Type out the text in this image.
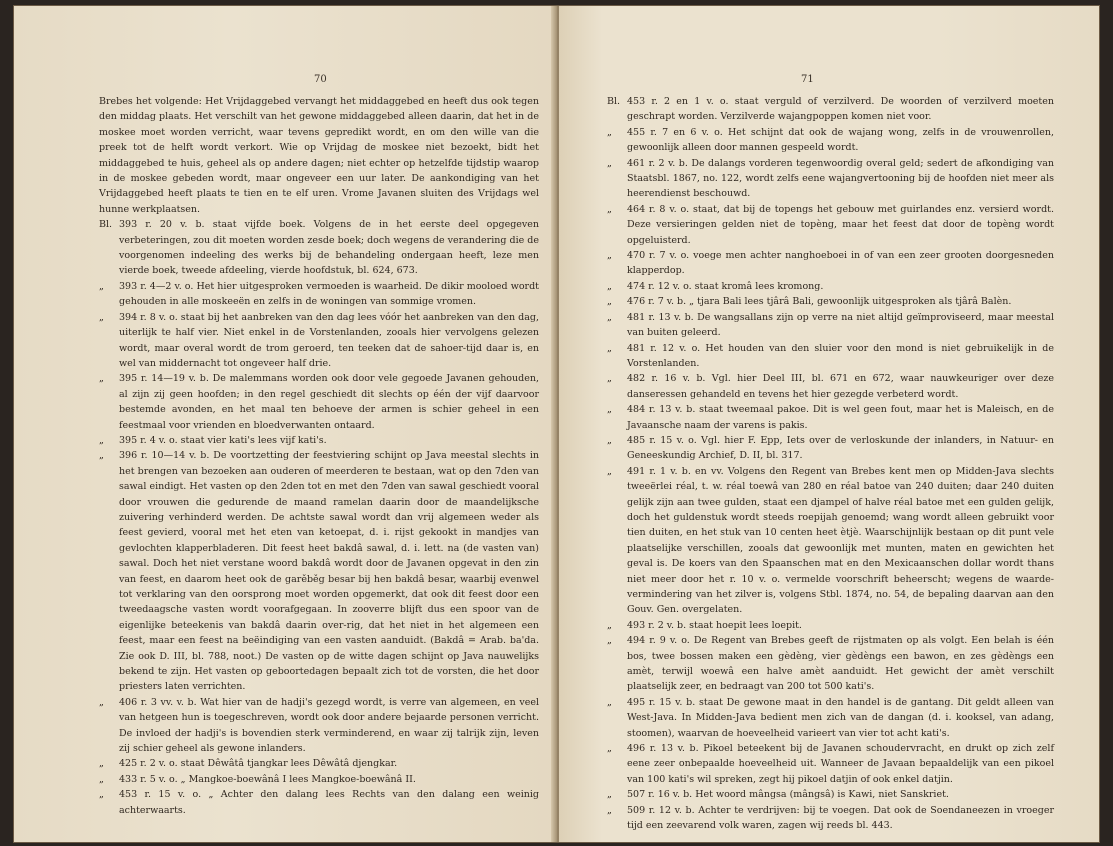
70

Brebes het volgende: Het Vrijdaggebed vervangt het middaggebed en heeft dus ook tegen den middag plaats. Het verschilt van het gewone middaggebed alleen daarin, dat het in de moskee moet worden verricht, waar tevens gepredikt wordt, en om den wille van die preek tot de helft wordt verkort. Wie op Vrijdag de moskee niet bezoekt, bidt het middaggebed te huis, geheel als op andere dagen; niet echter op hetzelfde tijdstip waarop in de moskee gebeden wordt, maar ongeveer een uur later. De aankondiging van het Vrijdaggebed heeft plaats te tien en te elf uren. Vrome Javanen sluiten des Vrijdags wel hunne werkplaatsen.

Bl. 393 r. 20 v. b. staat vijfde boek. Volgens de in het eerste deel opgegeven verbeteringen, zou dit moeten worden zesde boek; doch wegens de verandering die de voorgenomen indeeling des werks bij de behandeling ondergaan heeft, leze men vierde boek, tweede afdeeling, vierde hoofdstuk, bl. 624, 673.
„	393 r. 4—2 v. o. Het hier uitgesproken vermoeden is waarheid. De dikir mooloed wordt gehouden in alle moskeeën en zelfs in de woningen van sommige vromen.
„	394 r. 8 v. o. staat bij het aanbreken van den dag lees vóór het aanbreken van den dag, uiterlijk te half vier. Niet enkel in de Vorstenlanden, zooals hier vervolgens gelezen wordt, maar overal wordt de trom geroerd, ten teeken dat de sahoer-tijd daar is, en wel van middernacht tot ongeveer half drie.
„	395 r. 14—19 v. b. De malemmans worden ook door vele gegoede Javanen gehouden, al zijn zij geen hoofden; in den regel geschiedt dit slechts op één der vijf daarvoor bestemde avonden, en het maal ten behoeve der armen is schier geheel in een feestmaal voor vrienden en bloedverwanten ontaard.
„	395 r. 4 v. o. staat vier kati's lees vijf kati's.
„	396 r. 10—14 v. b. De voortzetting der feestviering schijnt op Java meestal slechts in het brengen van bezoeken aan ouderen of meerderen te bestaan, wat op den 7den van sawal eindigt. Het vasten op den 2den tot en met den 7den van sawal geschiedt vooral door vrouwen die gedurende de maand ramelan daarin door de maandelijksche zuivering verhinderd werden. De achtste sawal wordt dan vrij algemeen weder als feest gevierd, vooral met het eten van ketoepat, d. i. rijst gekookt in mandjes van gevlochten klapperbladeren. Dit feest heet bakdâ sawal, d. i. lett. na (de vasten van) sawal. Doch het niet verstane woord bakdâ wordt door de Javanen opgevat in den zin van feest, en daarom heet ook de garěběg besar bij hen bakdâ besar, waarbij evenwel tot verklaring van den oorsprong moet worden opgemerkt, dat ook dit feest door een tweedaagsche vasten wordt voorafgegaan. In zooverre blijft dus een spoor van de eigenlijke beteekenis van bakdâ daarin over-rig, dat het niet in het algemeen een feest, maar een feest na beëindiging van een vasten aanduidt. (Bakdâ = Arab. ba'da. Zie ook D. III, bl. 788, noot.) De vasten op de witte dagen schijnt op Java nauwelijks bekend te zijn. Het vasten op geboortedagen bepaalt zich tot de vorsten, die het door priesters laten verrichten.
„	406 r. 3 vv. v. b. Wat hier van de hadji's gezegd wordt, is verre van algemeen, en veel van hetgeen hun is toegeschreven, wordt ook door andere bejaarde personen verricht. De invloed der hadji's is bovendien sterk verminderend, en waar zij talrijk zijn, leven zij schier geheel als gewone inlanders.
„	425 r. 2 v. o. staat Dêwâtâ tjangkar lees Dêwâtâ djengkar.
„	433 r. 5 v. o. „ Mangkoe-boewânâ I lees Mangkoe-boewânâ II.
„	453 r. 15 v. o. „ Achter den dalang lees Rechts van den dalang een weinig achterwaarts.
71
Bl. 453 r. 2 en 1 v. o. staat verguld of verzilverd. De woorden of verzilverd moeten geschrapt worden. Verzilverde wajangpoppen komen niet voor.
„	455 r. 7 en 6 v. o. Het schijnt dat ook de wajang wong, zelfs in de vrouwenrollen, gewoonlijk alleen door mannen gespeeld wordt.
„	461 r. 2 v. b. De dalangs vorderen tegenwoordig overal geld; sedert de afkondiging van Staatsbl. 1867, no. 122, wordt zelfs eene wajangvertooning bij de hoofden niet meer als heerendienst beschouwd.
„	464 r. 8 v. o. staat, dat bij de topengs het gebouw met guirlandes enz. versierd wordt. Deze versieringen gelden niet de topèng, maar het feest dat door de topèng wordt opgeluisterd.
„	470 r. 7 v. o. voege men achter nanghoeboei in of van een zeer grooten doorgesneden klapperdop.
„	474 r. 12 v. o. staat kromâ lees kromong.
„	476 r. 7 v. b. „ tjara Bali lees tjârâ Bali, gewoonlijk uitgesproken als tjârâ Balèn.
„	481 r. 13 v. b. De wangsallans zijn op verre na niet altijd geïmproviseerd, maar meestal van buiten geleerd.
„	481 r. 12 v. o. Het houden van den sluier voor den mond is niet gebruikelijk in de Vorstenlanden.
„	482 r. 16 v. b. Vgl. hier Deel III, bl. 671 en 672, waar nauwkeuriger over deze danseressen gehandeld en tevens het hier gezegde verbeterd wordt.
„	484 r. 13 v. b. staat tweemaal pakoe. Dit is wel geen fout, maar het is Maleisch, en de Javaansche naam der varens is pakis.
„	485 r. 15 v. o. Vgl. hier F. Epp, Iets over de verloskunde der inlanders, in Natuur- en Geneeskundig Archief, D. II, bl. 317.
„	491 r. 1 v. b. en vv. Volgens den Regent van Brebes kent men op Midden-Java slechts tweeërlei réal, t. w. réal toewâ van 280 en réal batoe van 240 duiten; daar 240 duiten gelijk zijn aan twee gulden, staat een djampel of halve réal batoe met een gulden gelijk, doch het guldenstuk wordt steeds roepijah genoemd; wang wordt alleen gebruikt voor tien duiten, en het stuk van 10 centen heet ètjè. Waarschijnlijk bestaan op dit punt vele plaatselijke verschillen, zooals dat gewoonlijk met munten, maten en gewichten het geval is. De koers van den Spaanschen mat en den Mexicaanschen dollar wordt thans niet meer door het r. 10 v. o. vermelde voorschrift beheerscht; wegens de waarde-vermindering van het zilver is, volgens Stbl. 1874, no. 54, de bepaling daarvan aan den Gouv. Gen. overgelaten.
„	493 r. 2 v. b. staat hoepit lees loepit.
„	494 r. 9 v. o. De Regent van Brebes geeft de rijstmaten op als volgt. Een belah is één bos, twee bossen maken een gèdèng, vier gèdèngs een bawon, en zes gèdèngs een amèt, terwijl woewâ een halve amèt aanduidt. Het gewicht der amèt verschilt plaatselijk zeer, en bedraagt van 200 tot 500 kati's.
„	495 r. 15 v. b. staat De gewone maat in den handel is de gantang. Dit geldt alleen van West-Java. In Midden-Java bedient men zich van de dangan (d. i. kooksel, van adang, stoomen), waarvan de hoeveelheid varieert van vier tot acht kati's.
„	496 r. 13 v. b. Pikoel beteekent bij de Javanen schoudervracht, en drukt op zich zelf eene zeer onbepaalde hoeveelheid uit. Wanneer de Javaan bepaaldelijk van een pikoel van 100 kati's wil spreken, zegt hij pikoel datjin of ook enkel datjin.
„	507 r. 16 v. b. Het woord mângsa (mângsâ) is Kawi, niet Sanskriet.
„	509 r. 12 v. b. Achter te verdrijven: bij te voegen. Dat ook de Soendaneezen in vroeger tijd een zeevarend volk waren, zagen wij reeds bl. 443.
